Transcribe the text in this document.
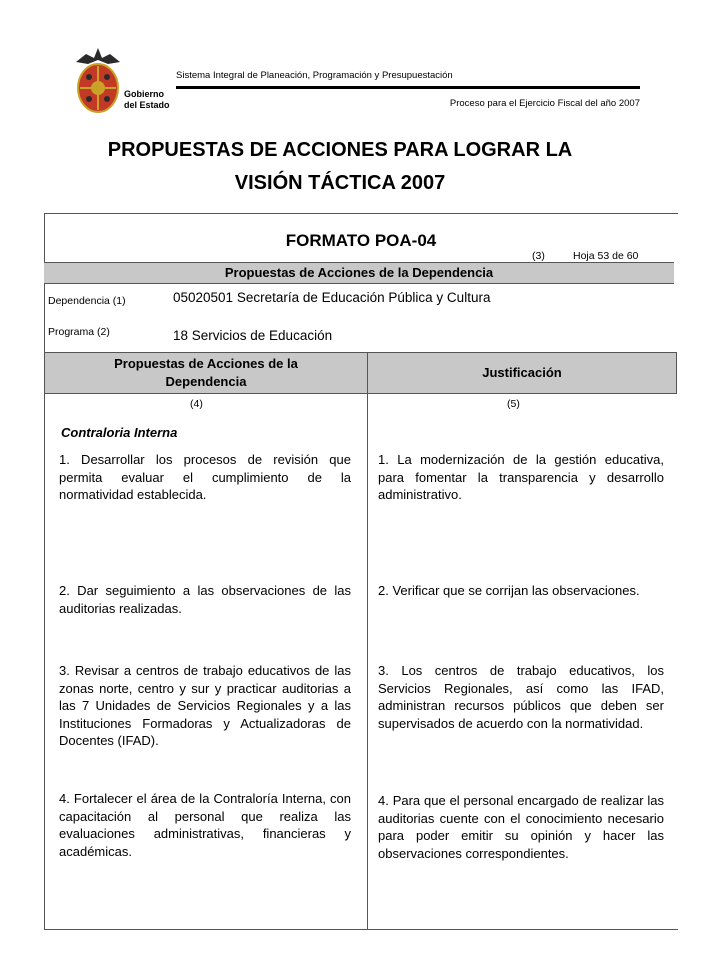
Gobierno
del Estado
Sistema Integral de Planeación, Programación y Presupuestación
Proceso para el Ejercicio Fiscal del año 2007
PROPUESTAS DE ACCIONES PARA LOGRAR LA
VISIÓN TÁCTICA 2007
FORMATO POA-04
(3)	Hoja 53 de 60
Propuestas de Acciones de la Dependencia
Dependencia (1)	05020501 Secretaría de Educación Pública y Cultura
Programa (2)	18 Servicios de Educación
Propuestas de Acciones de la Dependencia
Justificación
(4)	(5)
Contraloria Interna
1. Desarrollar los procesos de revisión que permita evaluar el cumplimiento de la normatividad establecida.
1. La modernización de la gestión educativa, para fomentar la transparencia y desarrollo administrativo.
2. Dar seguimiento a las observaciones de las auditorias realizadas.
2. Verificar que se corrijan las observaciones.
3. Revisar a centros de trabajo educativos de las zonas norte, centro y sur y practicar auditorias a las 7 Unidades de Servicios Regionales y a las Instituciones Formadoras y Actualizadoras de Docentes (IFAD).
3. Los centros de trabajo educativos, los Servicios Regionales, así como las IFAD, administran recursos públicos que deben ser supervisados de acuerdo con la normatividad.
4. Fortalecer el área de la Contraloría Interna, con capacitación al personal que realiza las evaluaciones administrativas, financieras y académicas.
4. Para que el personal encargado de realizar las auditorias cuente con el conocimiento necesario para poder emitir su opinión y hacer las observaciones correspondientes.
